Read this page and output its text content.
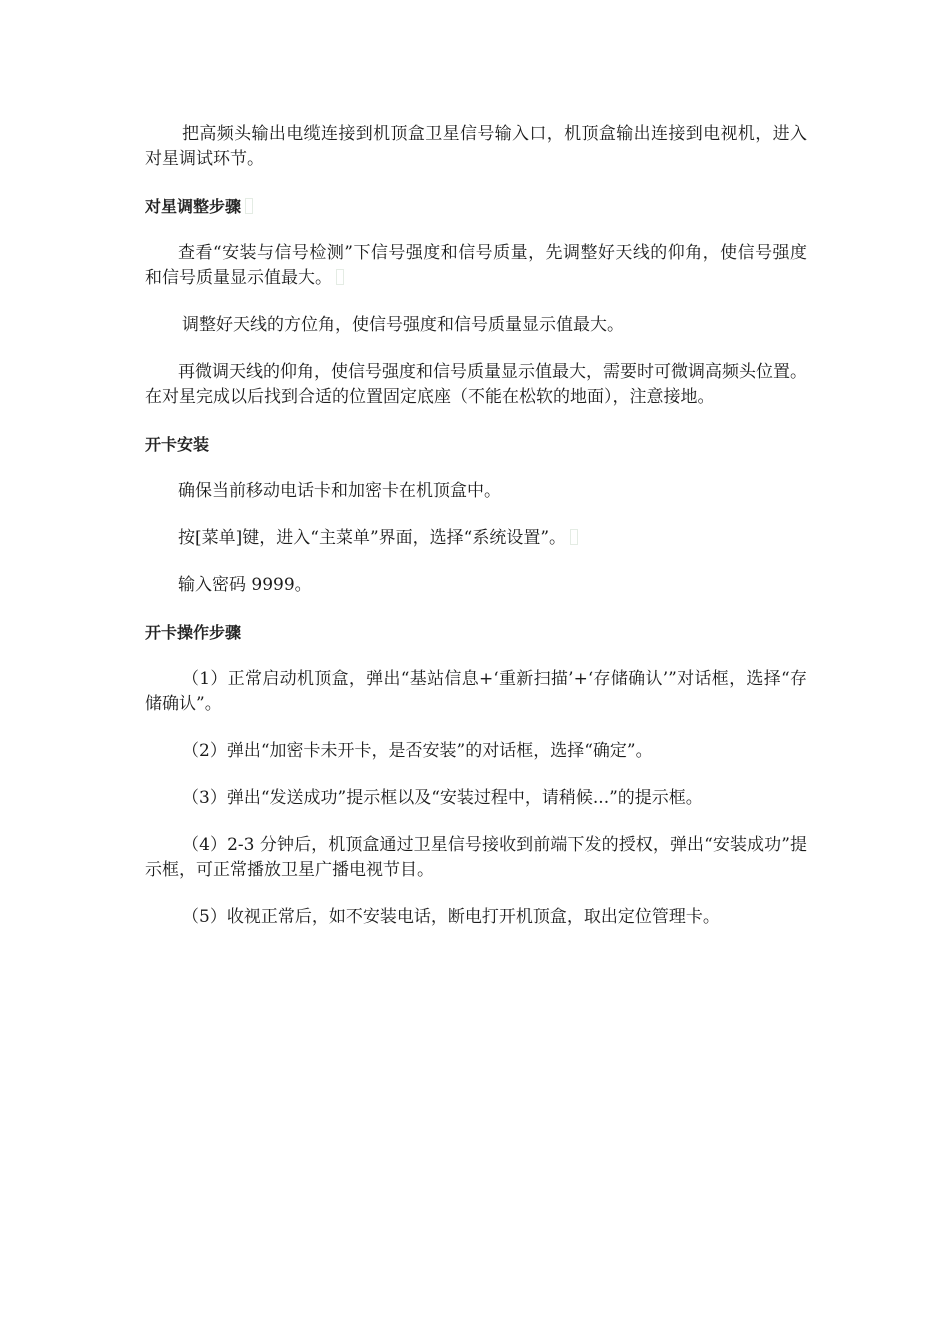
把高频头输出电缆连接到机顶盒卫星信号输入口，机顶盒输出连接到电视机，进入对星调试环节。

对星调整步骤

查看“安装与信号检测”下信号强度和信号质量，先调整好天线的仰角，使信号强度和信号质量显示值最大。

调整好天线的方位角，使信号强度和信号质量显示值最大。

再微调天线的仰角，使信号强度和信号质量显示值最大，需要时可微调高频头位置。在对星完成以后找到合适的位置固定底座（不能在松软的地面），注意接地。

开卡安装

确保当前移动电话卡和加密卡在机顶盒中。

按[菜单]键，进入“主菜单”界面，选择“系统设置”。

输入密码 9999。

开卡操作步骤

（1）正常启动机顶盒，弹出“基站信息+‘重新扫描’+‘存储确认’”对话框，选择“存储确认”。

（2）弹出“加密卡未开卡，是否安装”的对话框，选择“确定”。

（3）弹出“发送成功”提示框以及“安装过程中，请稍候...”的提示框。

（4）2-3 分钟后，机顶盒通过卫星信号接收到前端下发的授权，弹出“安装成功”提示框，可正常播放卫星广播电视节目。

（5）收视正常后，如不安装电话，断电打开机顶盒，取出定位管理卡。
